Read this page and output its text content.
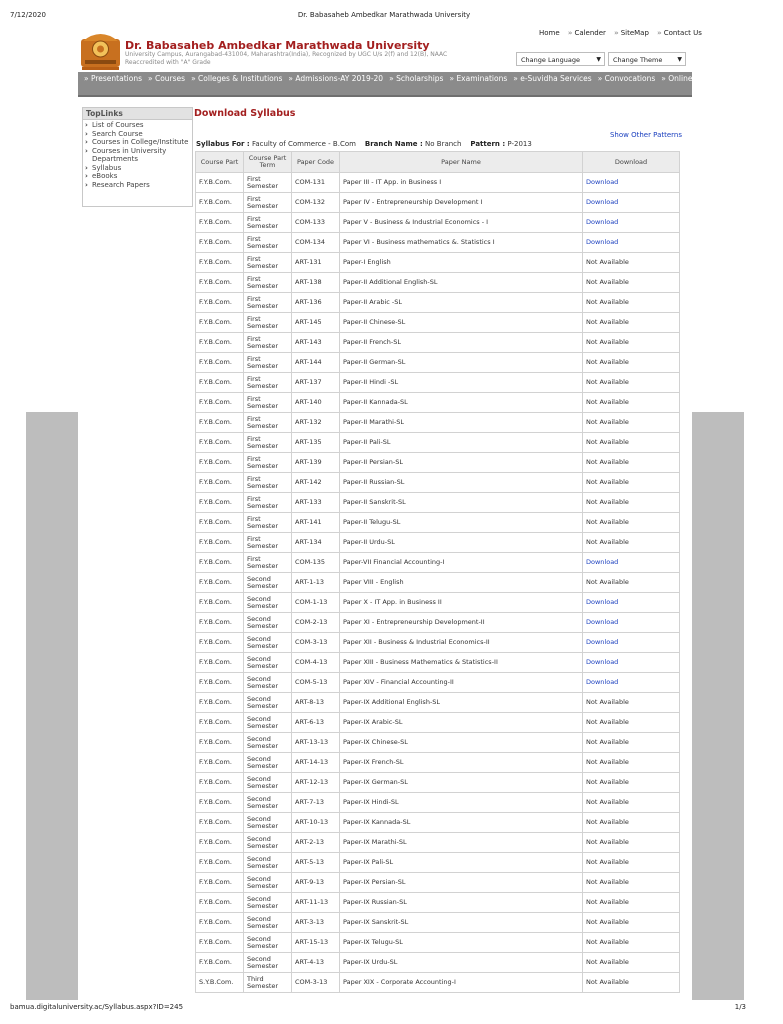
7/12/2020	Dr. Babasaheb Ambedkar Marathwada University
Dr. Babasaheb Ambedkar Marathwada University
University Campus, Aurangabad-431004, Maharashtra(India), Recognized by UGC U/s 2(f) and 12(B), NAAC
Reaccredited with "A" Grade
Home » Calender » SiteMap » Contact Us
Change Language	▼	Change Theme	▼
» Presentations » Courses » Colleges & Institutions » Admissions-AY 2019-20 » Scholarships » Examinations » e-Suvidha Services » Convocations » Online Application » Results
TopLinks
› List of Courses
› Search Course
› Courses in College/Institute
› Courses in University Departments
› Syllabus
› eBooks
› Research Papers
Download Syllabus
Show Other Patterns
Syllabus For : Faculty of Commerce - B.Com Branch Name : No Branch Pattern : P-2013
Course Part	Course Part Term	Paper Code	Paper Name	Download
F.Y.B.Com.	First Semester	COM-131	Paper III - IT App. in Business I	Download
F.Y.B.Com.	First Semester	COM-132	Paper IV - Entrepreneurship Development I	Download
F.Y.B.Com.	First Semester	COM-133	Paper V - Business & Industrial Economics - I	Download
F.Y.B.Com.	First Semester	COM-134	Paper VI - Business mathematics &. Statistics I	Download
F.Y.B.Com.	First Semester	ART-131	Paper-I English	Not Available
F.Y.B.Com.	First Semester	ART-138	Paper-II Additional English-SL	Not Available
F.Y.B.Com.	First Semester	ART-136	Paper-II Arabic -SL	Not Available
F.Y.B.Com.	First Semester	ART-145	Paper-II Chinese-SL	Not Available
F.Y.B.Com.	First Semester	ART-143	Paper-II French-SL	Not Available
F.Y.B.Com.	First Semester	ART-144	Paper-II German-SL	Not Available
F.Y.B.Com.	First Semester	ART-137	Paper-II Hindi -SL	Not Available
F.Y.B.Com.	First Semester	ART-140	Paper-II Kannada-SL	Not Available
F.Y.B.Com.	First Semester	ART-132	Paper-II Marathi-SL	Not Available
F.Y.B.Com.	First Semester	ART-135	Paper-II Pali-SL	Not Available
F.Y.B.Com.	First Semester	ART-139	Paper-II Persian-SL	Not Available
F.Y.B.Com.	First Semester	ART-142	Paper-II Russian-SL	Not Available
F.Y.B.Com.	First Semester	ART-133	Paper-II Sanskrit-SL	Not Available
F.Y.B.Com.	First Semester	ART-141	Paper-II Telugu-SL	Not Available
F.Y.B.Com.	First Semester	ART-134	Paper-II Urdu-SL	Not Available
F.Y.B.Com.	First Semester	COM-135	Paper-VII Financial Accounting-I	Download
F.Y.B.Com.	Second Semester	ART-1-13	Paper VIII - English	Not Available
F.Y.B.Com.	Second Semester	COM-1-13	Paper X - IT App. in Business II	Download
F.Y.B.Com.	Second Semester	COM-2-13	Paper XI - Entrepreneurship Development-II	Download
F.Y.B.Com.	Second Semester	COM-3-13	Paper XII - Business & Industrial Economics-II	Download
F.Y.B.Com.	Second Semester	COM-4-13	Paper XIII - Business Mathematics & Statistics-II	Download
F.Y.B.Com.	Second Semester	COM-5-13	Paper XIV - Financial Accounting-II	Download
F.Y.B.Com.	Second Semester	ART-8-13	Paper-IX Additional English-SL	Not Available
F.Y.B.Com.	Second Semester	ART-6-13	Paper-IX Arabic-SL	Not Available
F.Y.B.Com.	Second Semester	ART-13-13	Paper-IX Chinese-SL	Not Available
F.Y.B.Com.	Second Semester	ART-14-13	Paper-IX French-SL	Not Available
F.Y.B.Com.	Second Semester	ART-12-13	Paper-IX German-SL	Not Available
F.Y.B.Com.	Second Semester	ART-7-13	Paper-IX Hindi-SL	Not Available
F.Y.B.Com.	Second Semester	ART-10-13	Paper-IX Kannada-SL	Not Available
F.Y.B.Com.	Second Semester	ART-2-13	Paper-IX Marathi-SL	Not Available
F.Y.B.Com.	Second Semester	ART-5-13	Paper-IX Pali-SL	Not Available
F.Y.B.Com.	Second Semester	ART-9-13	Paper-IX Persian-SL	Not Available
F.Y.B.Com.	Second Semester	ART-11-13	Paper-IX Russian-SL	Not Available
F.Y.B.Com.	Second Semester	ART-3-13	Paper-IX Sanskrit-SL	Not Available
F.Y.B.Com.	Second Semester	ART-15-13	Paper-IX Telugu-SL	Not Available
F.Y.B.Com.	Second Semester	ART-4-13	Paper-IX Urdu-SL	Not Available
S.Y.B.Com.	Third Semester	COM-3-13	Paper XIX - Corporate Accounting-I	Not Available
bamua.digitaluniversity.ac/Syllabus.aspx?ID=245	1/3
